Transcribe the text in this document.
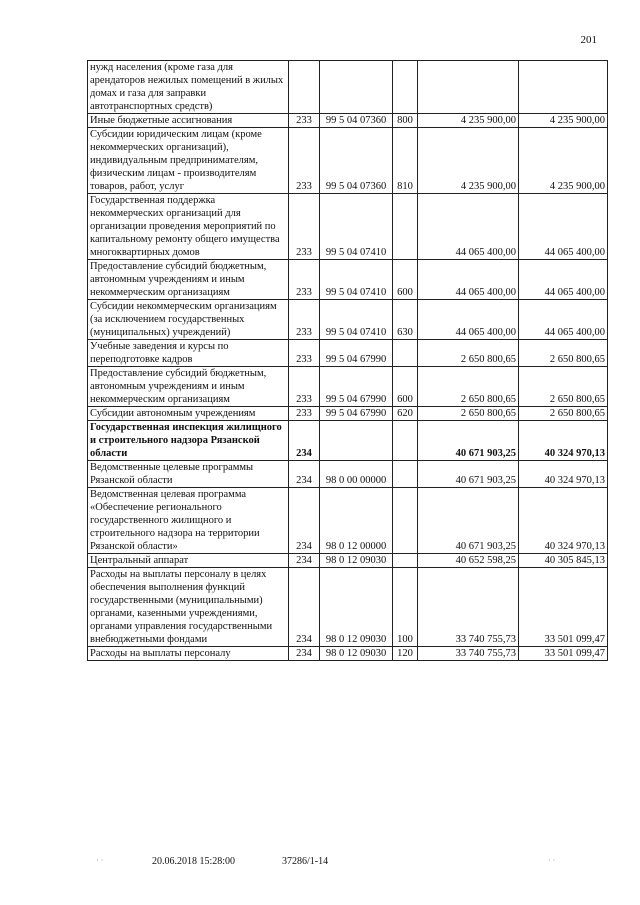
201
нужд населения (кроме газа для арендаторов нежилых помещений в жилых домах и газа для заправки автотранспортных средств)					
Иные бюджетные ассигнования	233	99 5 04 07360	800	4 235 900,00	4 235 900,00
Субсидии юридическим лицам (кроме некоммерческих организаций), индивидуальным предпринимателям, физическим лицам - производителям товаров, работ, услуг	233	99 5 04 07360	810	4 235 900,00	4 235 900,00
Государственная поддержка некоммерческих организаций для организации проведения мероприятий по капитальному ремонту общего имущества многоквартирных домов	233	99 5 04 07410		44 065 400,00	44 065 400,00
Предоставление субсидий бюджетным, автономным учреждениям и иным некоммерческим организациям	233	99 5 04 07410	600	44 065 400,00	44 065 400,00
Субсидии некоммерческим организациям (за исключением государственных (муниципальных) учреждений)	233	99 5 04 07410	630	44 065 400,00	44 065 400,00
Учебные заведения и курсы по переподготовке кадров	233	99 5 04 67990		2 650 800,65	2 650 800,65
Предоставление субсидий бюджетным, автономным учреждениям и иным некоммерческим организациям	233	99 5 04 67990	600	2 650 800,65	2 650 800,65
Субсидии автономным учреждениям	233	99 5 04 67990	620	2 650 800,65	2 650 800,65
Государственная инспекция жилищного и строительного надзора Рязанской области	234			40 671 903,25	40 324 970,13
Ведомственные целевые программы Рязанской области	234	98 0 00 00000		40 671 903,25	40 324 970,13
Ведомственная целевая программа «Обеспечение регионального государственного жилищного и строительного надзора на территории Рязанской области»	234	98 0 12 00000		40 671 903,25	40 324 970,13
Центральный аппарат	234	98 0 12 09030		40 652 598,25	40 305 845,13
Расходы на выплаты персоналу в целях обеспечения выполнения функций государственными (муниципальными) органами, казенными учреждениями, органами управления государственными внебюджетными фондами	234	98 0 12 09030	100	33 740 755,73	33 501 099,47
Расходы на выплаты персоналу	234	98 0 12 09030	120	33 740 755,73	33 501 099,47
· ·	20.06.2018 15:28:00	37286/1-14	· ·
